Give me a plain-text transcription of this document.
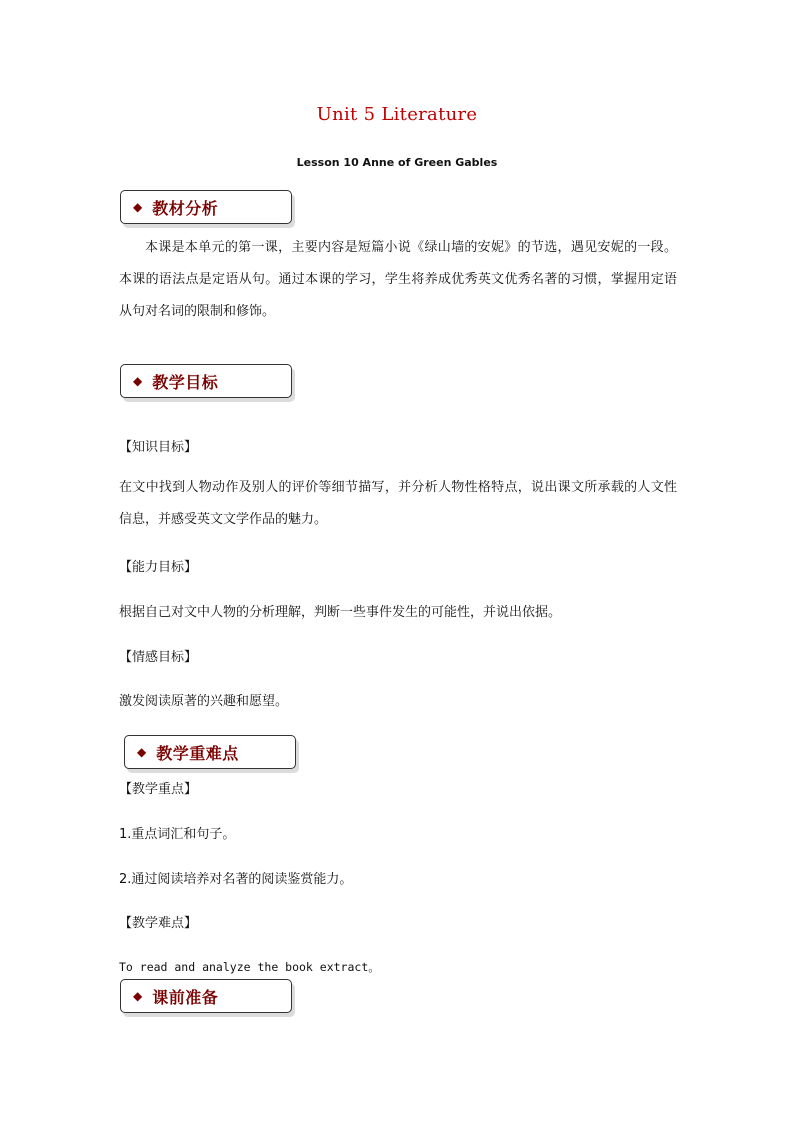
Unit 5 Literature
Lesson 10 Anne of Green Gables
◆ 教材分析
本课是本单元的第一课，主要内容是短篇小说《绿山墙的安妮》的节选，遇见安妮的一段。本课的语法点是定语从句。通过本课的学习，学生将养成优秀英文优秀名著的习惯，掌握用定语从句对名词的限制和修饰。
◆ 教学目标
【知识目标】
在文中找到人物动作及别人的评价等细节描写，并分析人物性格特点，说出课文所承载的人文性信息，并感受英文文学作品的魅力。
【能力目标】
根据自己对文中人物的分析理解，判断一些事件发生的可能性，并说出依据。
【情感目标】
激发阅读原著的兴趣和愿望。
◆ 教学重难点
【教学重点】
1.重点词汇和句子。
2.通过阅读培养对名著的阅读鉴赏能力。
【教学难点】
To read and analyze the book extract。
◆ 课前准备
